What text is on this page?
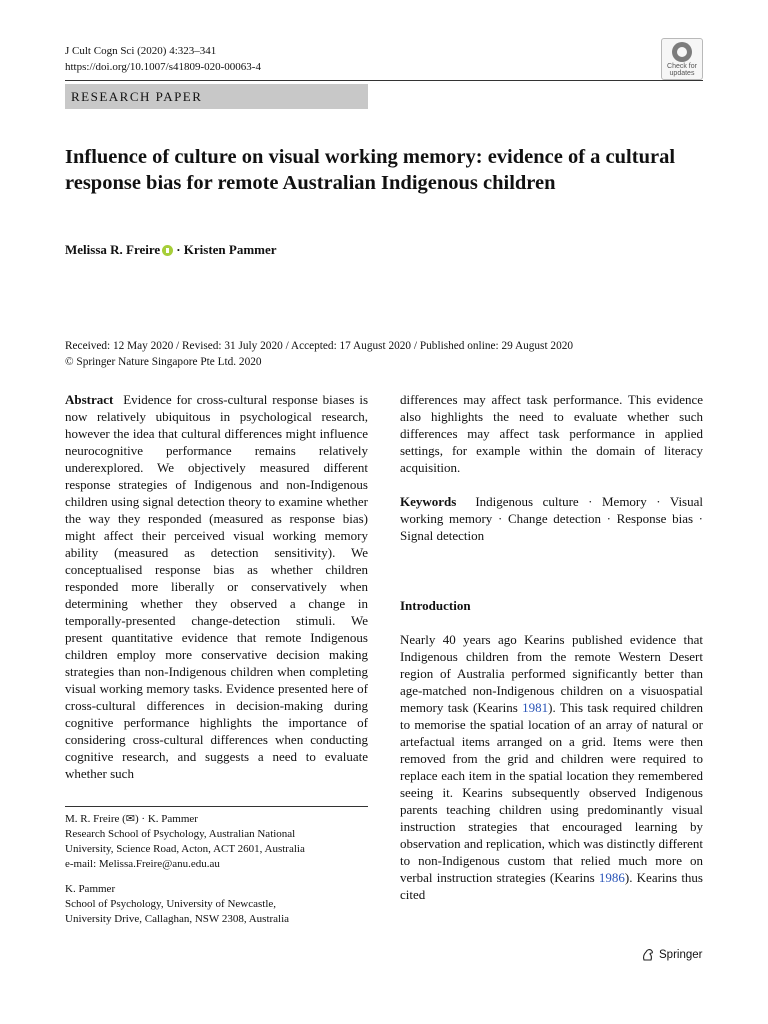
J Cult Cogn Sci (2020) 4:323–341
https://doi.org/10.1007/s41809-020-00063-4	Check for
updates
RESEARCH PAPER
Influence of culture on visual working memory: evidence of a cultural response bias for remote Australian Indigenous children
Melissa R. Freire · Kristen Pammer
Received: 12 May 2020 / Revised: 31 July 2020 / Accepted: 17 August 2020 / Published online: 29 August 2020
© Springer Nature Singapore Pte Ltd. 2020

Abstract Evidence for cross-cultural response biases is now relatively ubiquitous in psychological research, however the idea that cultural differences might influence neurocognitive performance remains relatively underexplored. We objectively measured different response strategies of Indigenous and non-Indigenous children using signal detection theory to examine whether the way they responded (measured as response bias) might affect their perceived visual working memory ability (measured as detection sensitivity). We conceptualised response bias as whether children responded more liberally or conservatively when determining whether they observed a change in temporally-presented change-detection stimuli. We present quantitative evidence that remote Indigenous children employ more conservative decision making strategies than non-Indigenous children when completing visual working memory tasks. Evidence presented here of cross-cultural differences in decision-making during cognitive performance highlights the importance of considering cross-cultural differences when conducting cognitive research, and suggests a need to evaluate whether such

differences may affect task performance. This evidence also highlights the need to evaluate whether such differences may affect task performance in applied settings, for example within the domain of literacy acquisition.

Keywords Indigenous culture · Memory · Visual working memory · Change detection · Response bias · Signal detection

Introduction

Nearly 40 years ago Kearins published evidence that Indigenous children from the remote Western Desert region of Australia performed significantly better than age-matched non-Indigenous children on a visuospatial memory task (Kearins 1981). This task required children to memorise the spatial location of an array of natural or artefactual items arranged on a grid. Items were then removed from the grid and children were required to replace each item in the spatial location they remembered seeing it. Kearins subsequently observed Indigenous parents teaching children using predominantly visual instruction strategies that encouraged learning by observation and replication, which was distinctly different to non-Indigenous custom that relied much more on verbal instruction strategies (Kearins 1986). Kearins thus cited

M. R. Freire (✉) · K. Pammer
Research School of Psychology, Australian National
University, Science Road, Acton, ACT 2601, Australia
e-mail: Melissa.Freire@anu.edu.au
K. Pammer
School of Psychology, University of Newcastle,
University Drive, Callaghan, NSW 2308, Australia
Springer
